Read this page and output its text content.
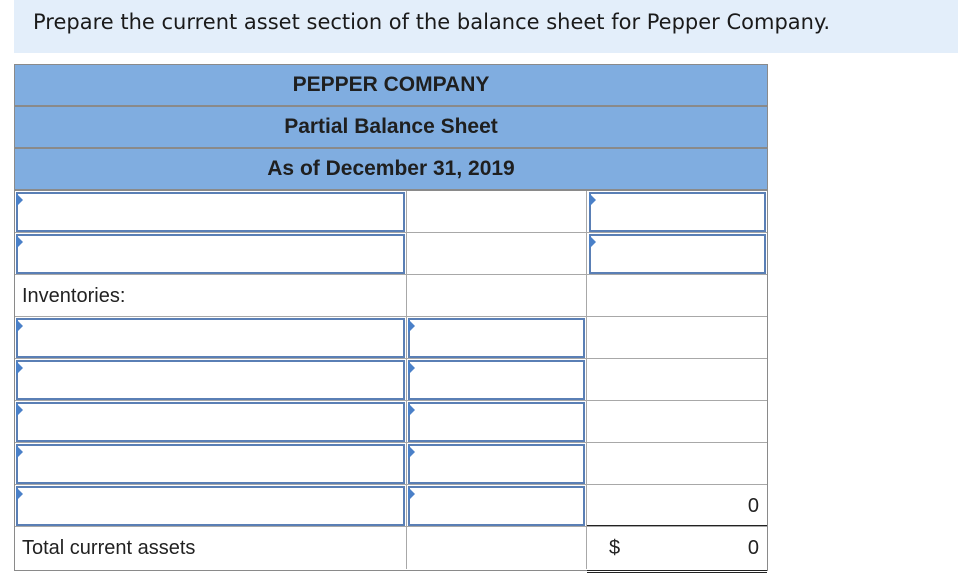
Prepare the current asset section of the balance sheet for Pepper Company.
PEPPER COMPANY
Partial Balance Sheet
As of December 31, 2019
Inventories:
0
Total current assets	$	0
